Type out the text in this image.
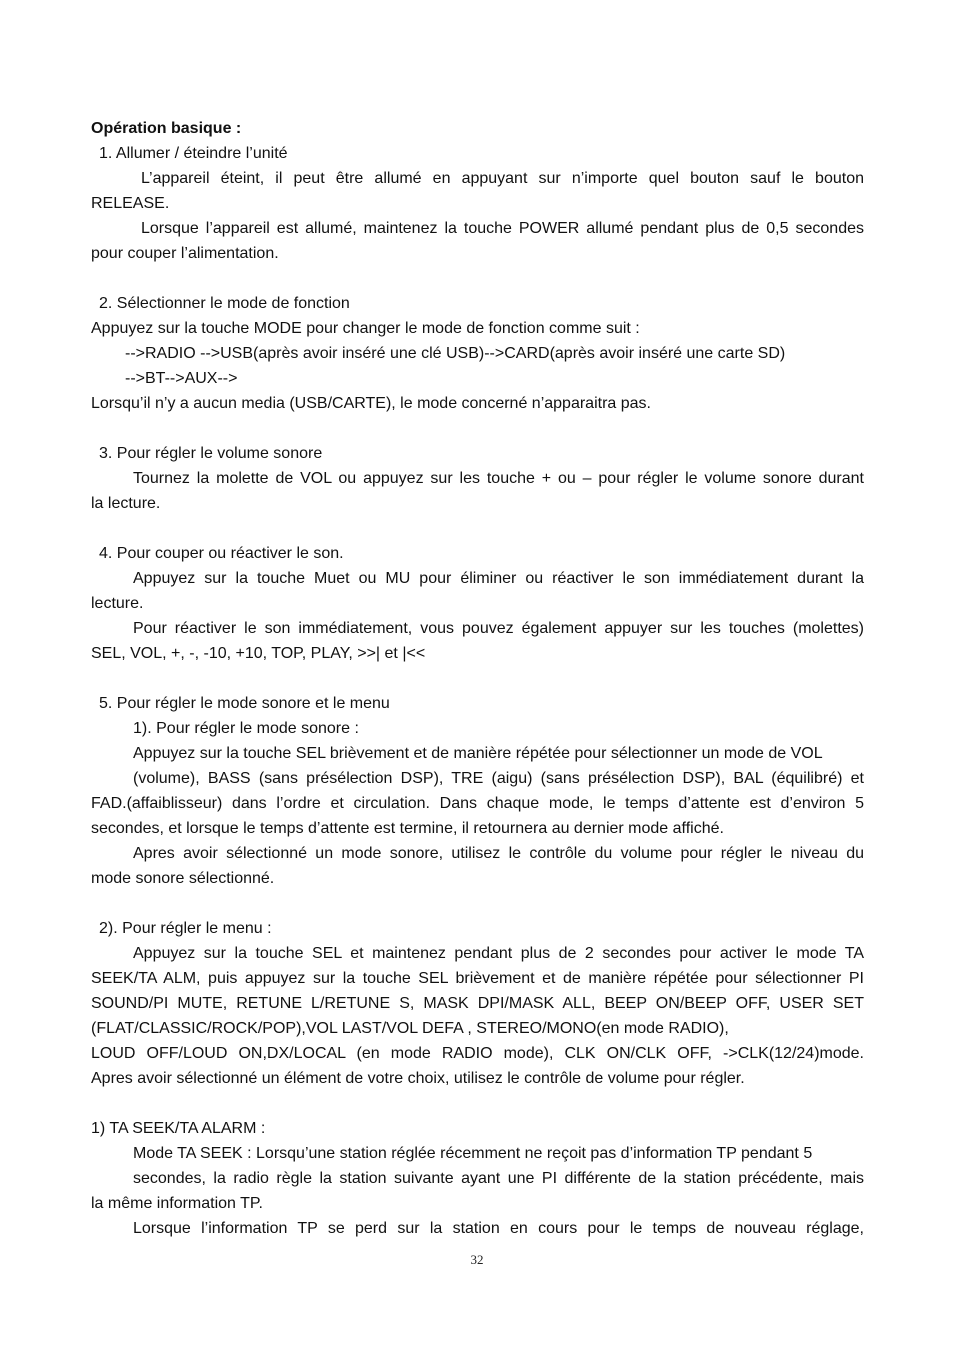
Opération basique :
1. Allumer / éteindre l’unité
L’appareil éteint, il peut être allumé en appuyant sur n’importe quel bouton sauf le bouton
RELEASE.
Lorsque l’appareil est allumé, maintenez la touche POWER allumé pendant plus de 0,5 secondes
pour couper l’alimentation.
2. Sélectionner le mode de fonction
Appuyez sur la touche MODE pour changer le mode de fonction comme suit :
-->RADIO -->USB(après avoir inséré une clé USB)-->CARD(après avoir inséré une carte SD)
-->BT-->AUX-->
Lorsqu’il n’y a aucun media (USB/CARTE), le mode concerné n’apparaitra pas.
3. Pour régler le volume sonore
Tournez la molette de VOL ou appuyez sur les touche + ou – pour régler le volume sonore durant
la lecture.
4. Pour couper ou réactiver le son.
Appuyez sur la touche Muet ou MU pour éliminer ou réactiver le son immédiatement durant la
lecture.
Pour réactiver le son immédiatement, vous pouvez également appuyer sur les touches (molettes)
SEL, VOL, +, -, -10, +10, TOP, PLAY, >>| et |<<
5. Pour régler le mode sonore et le menu
1). Pour régler le mode sonore :
Appuyez sur la touche SEL brièvement et de manière répétée pour sélectionner un mode de VOL
(volume), BASS (sans présélection DSP), TRE (aigu) (sans présélection DSP), BAL (équilibré) et
FAD.(affaiblisseur) dans l’ordre et circulation. Dans chaque mode, le temps d’attente est d’environ 5
secondes, et lorsque le temps d’attente est termine, il retournera au dernier mode affiché.
Apres avoir sélectionné un mode sonore, utilisez le contrôle du volume pour régler le niveau du
mode sonore sélectionné.
2). Pour régler le menu :
Appuyez sur la touche SEL et maintenez pendant plus de 2 secondes pour activer le mode TA
SEEK/TA ALM, puis appuyez sur la touche SEL brièvement et de manière répétée pour sélectionner PI
SOUND/PI MUTE, RETUNE L/RETUNE S, MASK DPI/MASK ALL, BEEP ON/BEEP OFF, USER SET
(FLAT/CLASSIC/ROCK/POP),VOL LAST/VOL DEFA , STEREO/MONO(en mode RADIO),
LOUD OFF/LOUD ON,DX/LOCAL (en mode RADIO mode), CLK ON/CLK OFF, ->CLK(12/24)mode.
Apres avoir sélectionné un élément de votre choix, utilisez le contrôle de volume pour régler.
1) TA SEEK/TA ALARM :
Mode TA SEEK : Lorsqu’une station réglée récemment ne reçoit pas d’information TP pendant 5
secondes, la radio règle la station suivante ayant une PI différente de la station précédente, mais
la même information TP.
Lorsque l’information TP se perd sur la station en cours pour le temps de nouveau réglage,
32
